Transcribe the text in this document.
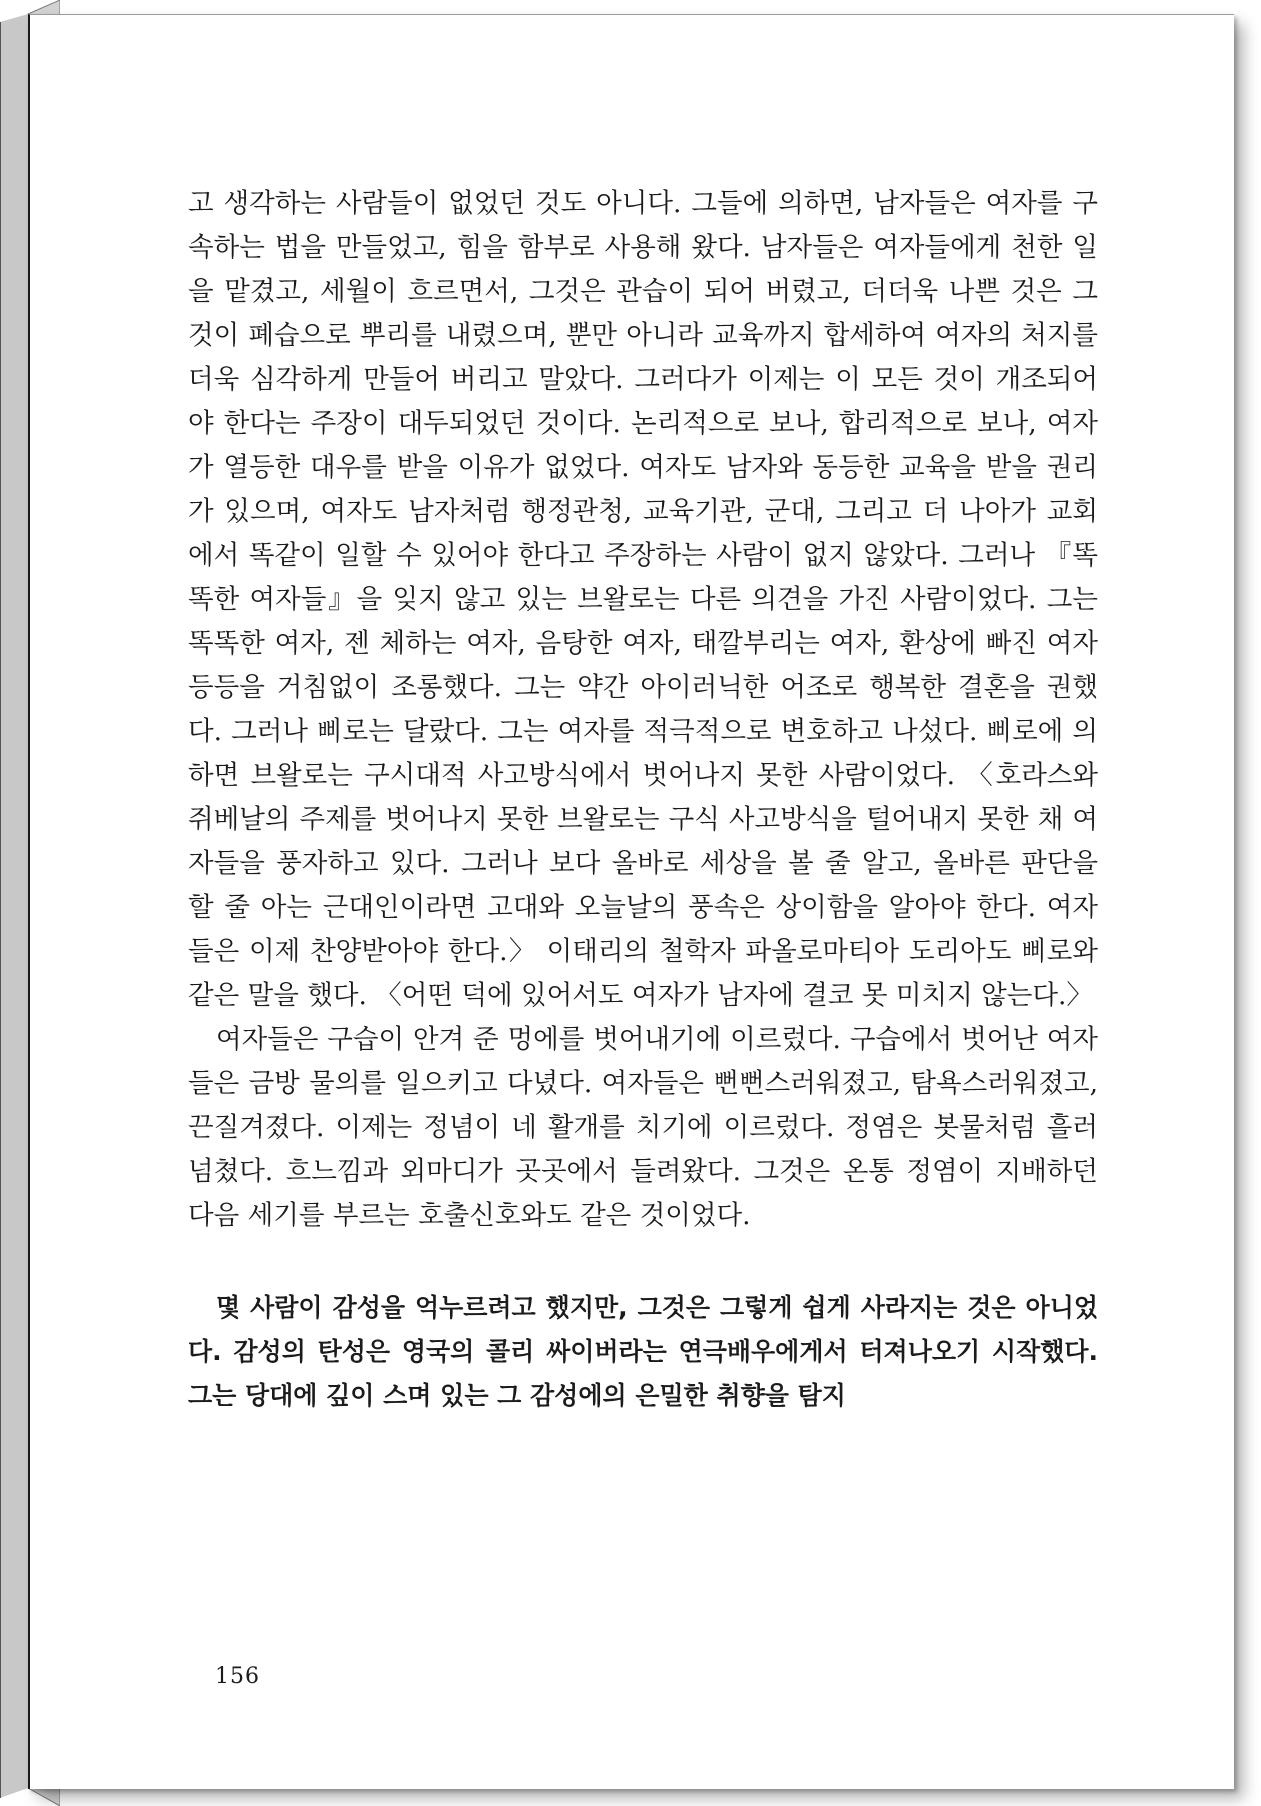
고 생각하는 사람들이 없었던 것도 아니다. 그들에 의하면, 남자들은 여자를 구속하는 법을 만들었고, 힘을 함부로 사용해 왔다. 남자들은 여자들에게 천한 일을 맡겼고, 세월이 흐르면서, 그것은 관습이 되어 버렸고, 더더욱 나쁜 것은 그것이 폐습으로 뿌리를 내렸으며, 뿐만 아니라 교육까지 합세하여 여자의 처지를 더욱 심각하게 만들어 버리고 말았다. 그러다가 이제는 이 모든 것이 개조되어야 한다는 주장이 대두되었던 것이다. 논리적으로 보나, 합리적으로 보나, 여자가 열등한 대우를 받을 이유가 없었다. 여자도 남자와 동등한 교육을 받을 권리가 있으며, 여자도 남자처럼 행정관청, 교육기관, 군대, 그리고 더 나아가 교회에서 똑같이 일할 수 있어야 한다고 주장하는 사람이 없지 않았다. 그러나 『똑똑한 여자들』을 잊지 않고 있는 브왈로는 다른 의견을 가진 사람이었다. 그는 똑똑한 여자, 젠 체하는 여자, 음탕한 여자, 태깔부리는 여자, 환상에 빠진 여자 등등을 거침없이 조롱했다. 그는 약간 아이러닉한 어조로 행복한 결혼을 권했다. 그러나 삐로는 달랐다. 그는 여자를 적극적으로 변호하고 나섰다. 삐로에 의하면 브왈로는 구시대적 사고방식에서 벗어나지 못한 사람이었다. 〈호라스와 쥐베날의 주제를 벗어나지 못한 브왈로는 구식 사고방식을 털어내지 못한 채 여자들을 풍자하고 있다. 그러나 보다 올바로 세상을 볼 줄 알고, 올바른 판단을 할 줄 아는 근대인이라면 고대와 오늘날의 풍속은 상이함을 알아야 한다. 여자들은 이제 찬양받아야 한다.〉 이태리의 철학자 파올로마티아 도리아도 삐로와 같은 말을 했다. 〈어떤 덕에 있어서도 여자가 남자에 결코 못 미치지 않는다.〉

여자들은 구습이 안겨 준 멍에를 벗어내기에 이르렀다. 구습에서 벗어난 여자들은 금방 물의를 일으키고 다녔다. 여자들은 뻔뻔스러워졌고, 탐욕스러워졌고, 끈질겨졌다. 이제는 정념이 네 활개를 치기에 이르렀다. 정염은 봇물처럼 흘러넘쳤다. 흐느낌과 외마디가 곳곳에서 들려왔다. 그것은 온통 정염이 지배하던 다음 세기를 부르는 호출신호와도 같은 것이었다.

몇 사람이 감성을 억누르려고 했지만, 그것은 그렇게 쉽게 사라지는 것은 아니었다. 감성의 탄성은 영국의 콜리 싸이버라는 연극배우에게서 터져나오기 시작했다. 그는 당대에 깊이 스며 있는 그 감성에의 은밀한 취향을 탐지

156
